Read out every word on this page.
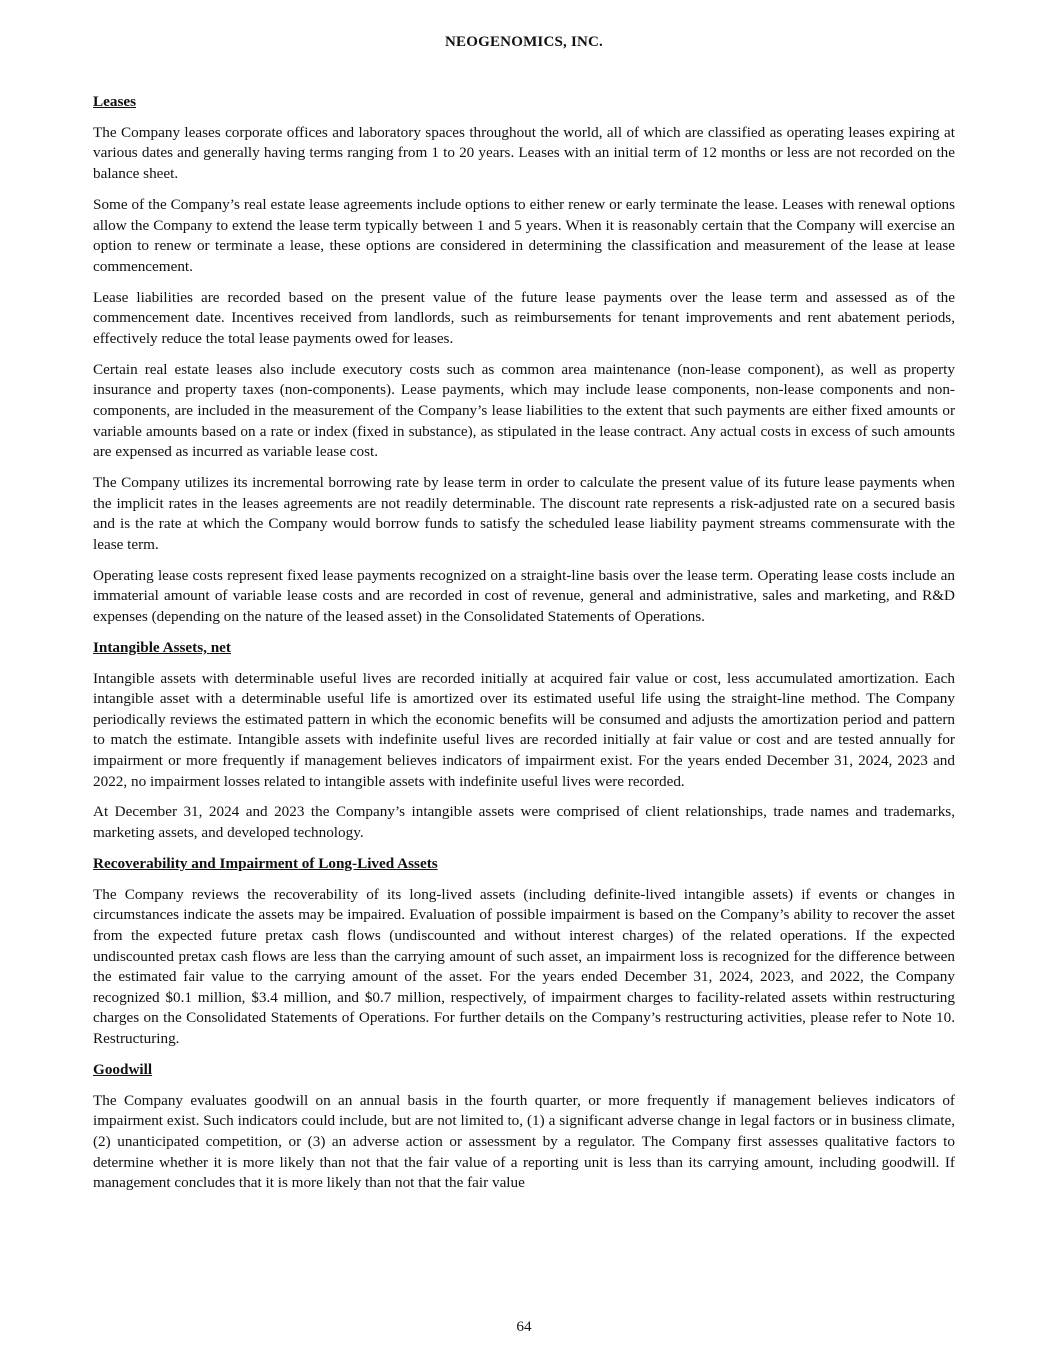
NEOGENOMICS, INC.
Leases

The Company leases corporate offices and laboratory spaces throughout the world, all of which are classified as operating leases expiring at various dates and generally having terms ranging from 1 to 20 years. Leases with an initial term of 12 months or less are not recorded on the balance sheet.

Some of the Company’s real estate lease agreements include options to either renew or early terminate the lease. Leases with renewal options allow the Company to extend the lease term typically between 1 and 5 years. When it is reasonably certain that the Company will exercise an option to renew or terminate a lease, these options are considered in determining the classification and measurement of the lease at lease commencement.

Lease liabilities are recorded based on the present value of the future lease payments over the lease term and assessed as of the commencement date. Incentives received from landlords, such as reimbursements for tenant improvements and rent abatement periods, effectively reduce the total lease payments owed for leases.

Certain real estate leases also include executory costs such as common area maintenance (non-lease component), as well as property insurance and property taxes (non-components). Lease payments, which may include lease components, non-lease components and non-components, are included in the measurement of the Company’s lease liabilities to the extent that such payments are either fixed amounts or variable amounts based on a rate or index (fixed in substance), as stipulated in the lease contract. Any actual costs in excess of such amounts are expensed as incurred as variable lease cost.

The Company utilizes its incremental borrowing rate by lease term in order to calculate the present value of its future lease payments when the implicit rates in the leases agreements are not readily determinable. The discount rate represents a risk-adjusted rate on a secured basis and is the rate at which the Company would borrow funds to satisfy the scheduled lease liability payment streams commensurate with the lease term.

Operating lease costs represent fixed lease payments recognized on a straight-line basis over the lease term. Operating lease costs include an immaterial amount of variable lease costs and are recorded in cost of revenue, general and administrative, sales and marketing, and R&D expenses (depending on the nature of the leased asset) in the Consolidated Statements of Operations.

Intangible Assets, net

Intangible assets with determinable useful lives are recorded initially at acquired fair value or cost, less accumulated amortization. Each intangible asset with a determinable useful life is amortized over its estimated useful life using the straight-line method. The Company periodically reviews the estimated pattern in which the economic benefits will be consumed and adjusts the amortization period and pattern to match the estimate. Intangible assets with indefinite useful lives are recorded initially at fair value or cost and are tested annually for impairment or more frequently if management believes indicators of impairment exist. For the years ended December 31, 2024, 2023 and 2022, no impairment losses related to intangible assets with indefinite useful lives were recorded.

At December 31, 2024 and 2023 the Company’s intangible assets were comprised of client relationships, trade names and trademarks, marketing assets, and developed technology.

Recoverability and Impairment of Long-Lived Assets

The Company reviews the recoverability of its long-lived assets (including definite-lived intangible assets) if events or changes in circumstances indicate the assets may be impaired. Evaluation of possible impairment is based on the Company’s ability to recover the asset from the expected future pretax cash flows (undiscounted and without interest charges) of the related operations. If the expected undiscounted pretax cash flows are less than the carrying amount of such asset, an impairment loss is recognized for the difference between the estimated fair value to the carrying amount of the asset. For the years ended December 31, 2024, 2023, and 2022, the Company recognized $0.1 million, $3.4 million, and $0.7 million, respectively, of impairment charges to facility-related assets within restructuring charges on the Consolidated Statements of Operations. For further details on the Company’s restructuring activities, please refer to Note 10. Restructuring.

Goodwill

The Company evaluates goodwill on an annual basis in the fourth quarter, or more frequently if management believes indicators of impairment exist. Such indicators could include, but are not limited to, (1) a significant adverse change in legal factors or in business climate, (2) unanticipated competition, or (3) an adverse action or assessment by a regulator. The Company first assesses qualitative factors to determine whether it is more likely than not that the fair value of a reporting unit is less than its carrying amount, including goodwill. If management concludes that it is more likely than not that the fair value

64
